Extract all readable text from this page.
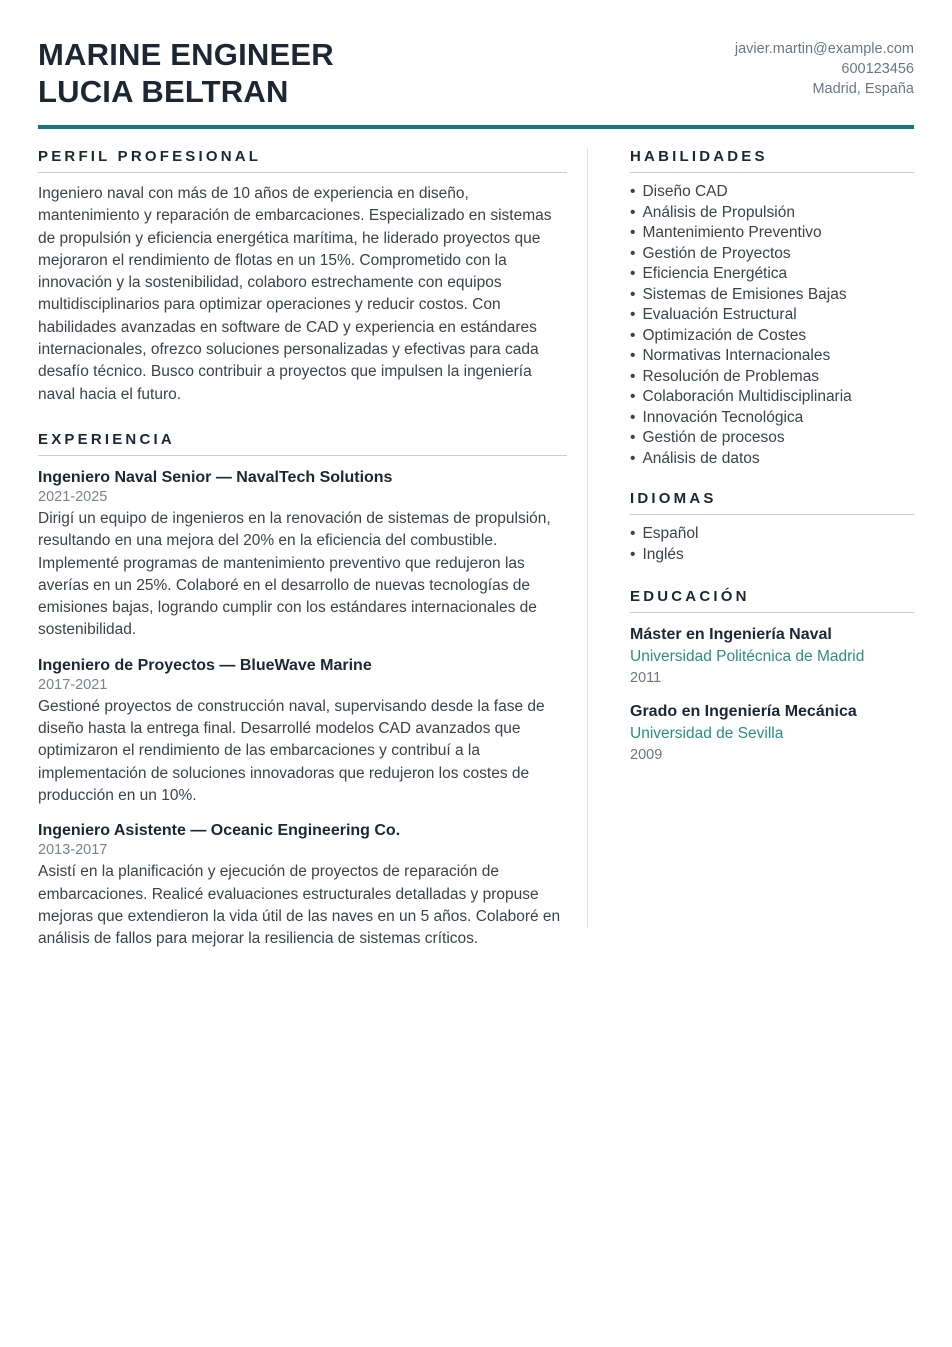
MARINE ENGINEER
LUCIA BELTRAN
javier.martin@example.com
600123456
Madrid, España
PERFIL PROFESIONAL
Ingeniero naval con más de 10 años de experiencia en diseño, mantenimiento y reparación de embarcaciones. Especializado en sistemas de propulsión y eficiencia energética marítima, he liderado proyectos que mejoraron el rendimiento de flotas en un 15%. Comprometido con la innovación y la sostenibilidad, colaboro estrechamente con equipos multidisciplinarios para optimizar operaciones y reducir costos. Con habilidades avanzadas en software de CAD y experiencia en estándares internacionales, ofrezco soluciones personalizadas y efectivas para cada desafío técnico. Busco contribuir a proyectos que impulsen la ingeniería naval hacia el futuro.
EXPERIENCIA
Ingeniero Naval Senior — NavalTech Solutions
2021-2025
Dirigí un equipo de ingenieros en la renovación de sistemas de propulsión, resultando en una mejora del 20% en la eficiencia del combustible. Implementé programas de mantenimiento preventivo que redujeron las averías en un 25%. Colaboré en el desarrollo de nuevas tecnologías de emisiones bajas, logrando cumplir con los estándares internacionales de sostenibilidad.
Ingeniero de Proyectos — BlueWave Marine
2017-2021
Gestioné proyectos de construcción naval, supervisando desde la fase de diseño hasta la entrega final. Desarrollé modelos CAD avanzados que optimizaron el rendimiento de las embarcaciones y contribuí a la implementación de soluciones innovadoras que redujeron los costes de producción en un 10%.
Ingeniero Asistente — Oceanic Engineering Co.
2013-2017
Asistí en la planificación y ejecución de proyectos de reparación de embarcaciones. Realicé evaluaciones estructurales detalladas y propuse mejoras que extendieron la vida útil de las naves en un 5 años. Colaboré en análisis de fallos para mejorar la resiliencia de sistemas críticos.
HABILIDADES
• Diseño CAD
• Análisis de Propulsión
• Mantenimiento Preventivo
• Gestión de Proyectos
• Eficiencia Energética
• Sistemas de Emisiones Bajas
• Evaluación Estructural
• Optimización de Costes
• Normativas Internacionales
• Resolución de Problemas
• Colaboración Multidisciplinaria
• Innovación Tecnológica
• Gestión de procesos
• Análisis de datos
IDIOMAS
• Español
• Inglés
EDUCACIÓN
Máster en Ingeniería Naval
Universidad Politécnica de Madrid
2011
Grado en Ingeniería Mecánica
Universidad de Sevilla
2009
